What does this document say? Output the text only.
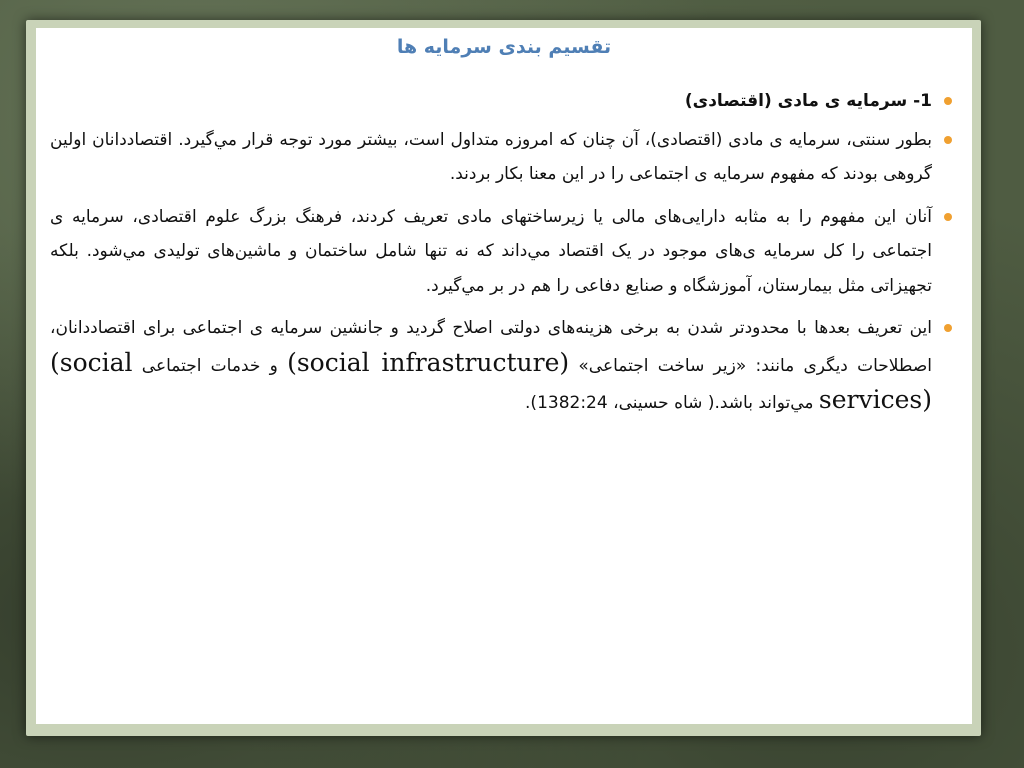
تقسیم بندی سرمایه ها

1- سرمایه ی مادی (اقتصادی)

بطور سنتی، سرمایه ی مادی (اقتصادی)، آن چنان که امروزه متداول است، بیشتر مورد توجه قرار مي‌گیرد. اقتصاددانان اولین گروهی بودند که مفهوم سرمایه ی اجتماعی را در این معنا بکار بردند.

آنان این مفهوم را به مثابه دارایی‌های مالی یا زیرساختهای مادی تعریف کردند، فرهنگ بزرگ علوم اقتصادی، سرمایه ی اجتماعی را کل سرمایه ی‌های موجود در یک اقتصاد مي‌داند که نه تنها شامل ساختمان و ماشین‌های تولیدی مي‌شود. بلکه تجهیزاتی مثل بیمارستان، آموزشگاه و صنایع دفاعی را هم در بر مي‌گیرد.

این تعریف بعدها با محدودتر شدن به برخی هزینه‌های دولتی اصلاح گردید و جانشین سرمایه ی اجتماعی برای اقتصاددانان، اصطلاحات دیگری مانند: «زیر ساخت اجتماعی» (social infrastructure) و خدمات اجتماعی (social services) مي‌تواند باشد.( شاه حسینی، 1382:24).
